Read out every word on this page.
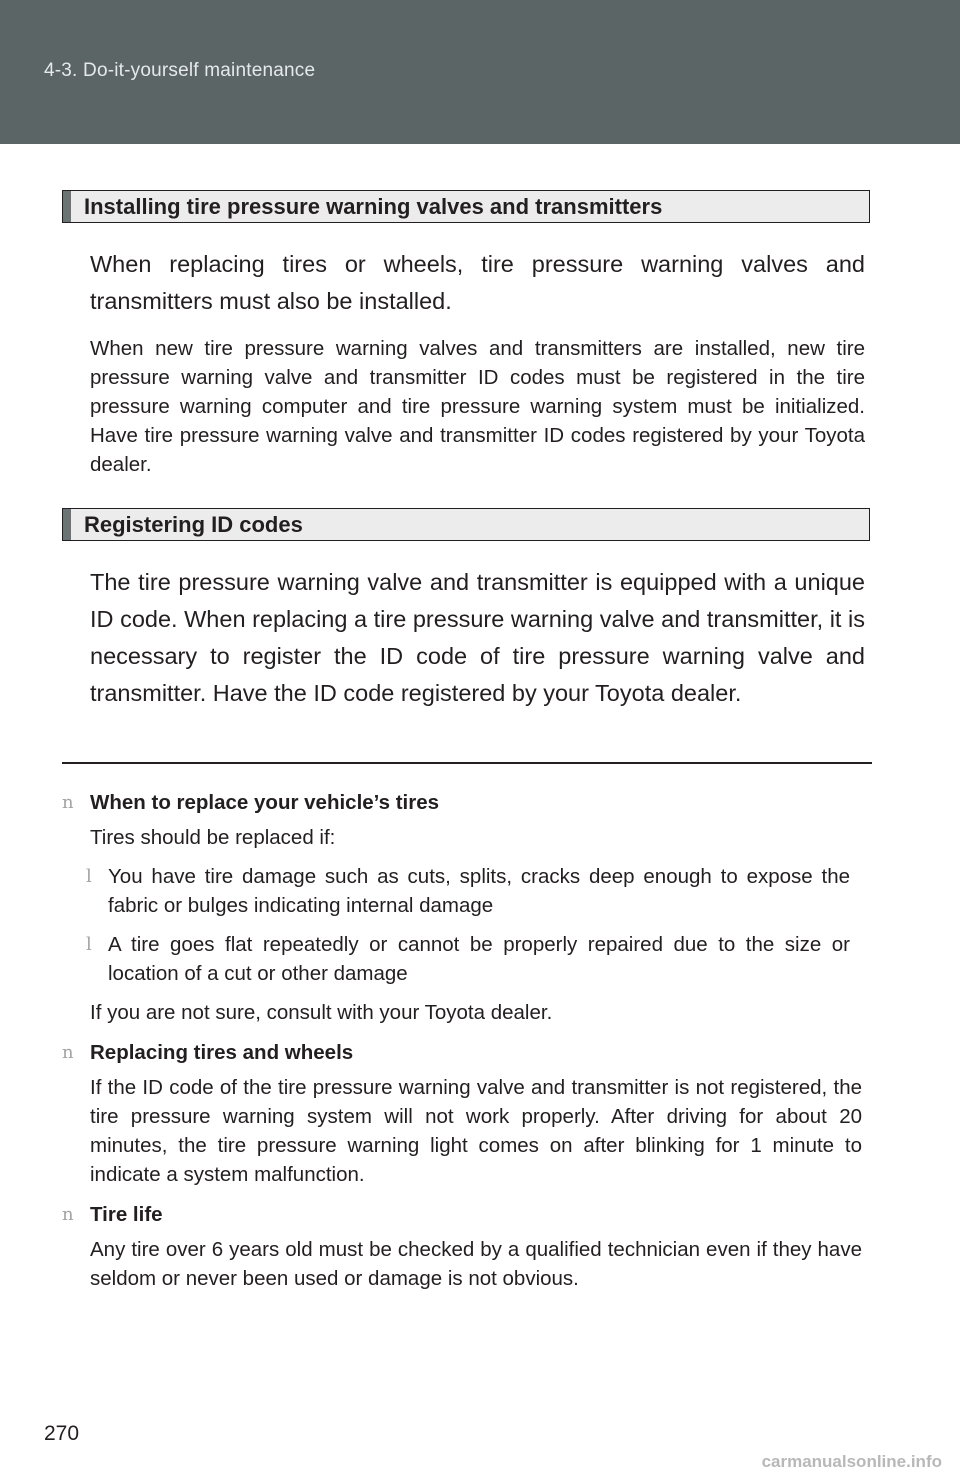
4-3. Do-it-yourself maintenance
Installing tire pressure warning valves and transmitters

When replacing tires or wheels, tire pressure warning valves and transmitters must also be installed.

When new tire pressure warning valves and transmitters are installed, new tire pressure warning valve and transmitter ID codes must be registered in the tire pressure warning computer and tire pressure warning system must be initialized. Have tire pressure warning valve and transmitter ID codes registered by your Toyota dealer.

Registering ID codes

The tire pressure warning valve and transmitter is equipped with a unique ID code. When replacing a tire pressure warning valve and transmitter, it is necessary to register the ID code of tire pressure warning valve and transmitter. Have the ID code registered by your Toyota dealer.

n When to replace your vehicle’s tires

Tires should be replaced if:

l You have tire damage such as cuts, splits, cracks deep enough to expose the fabric or bulges indicating internal damage
l A tire goes flat repeatedly or cannot be properly repaired due to the size or location of a cut or other damage

If you are not sure, consult with your Toyota dealer.

n Replacing tires and wheels

If the ID code of the tire pressure warning valve and transmitter is not registered, the tire pressure warning system will not work properly. After driving for about 20 minutes, the tire pressure warning light comes on after blinking for 1 minute to indicate a system malfunction.

n Tire life

Any tire over 6 years old must be checked by a qualified technician even if they have seldom or never been used or damage is not obvious.

270
carmanualsonline.info
